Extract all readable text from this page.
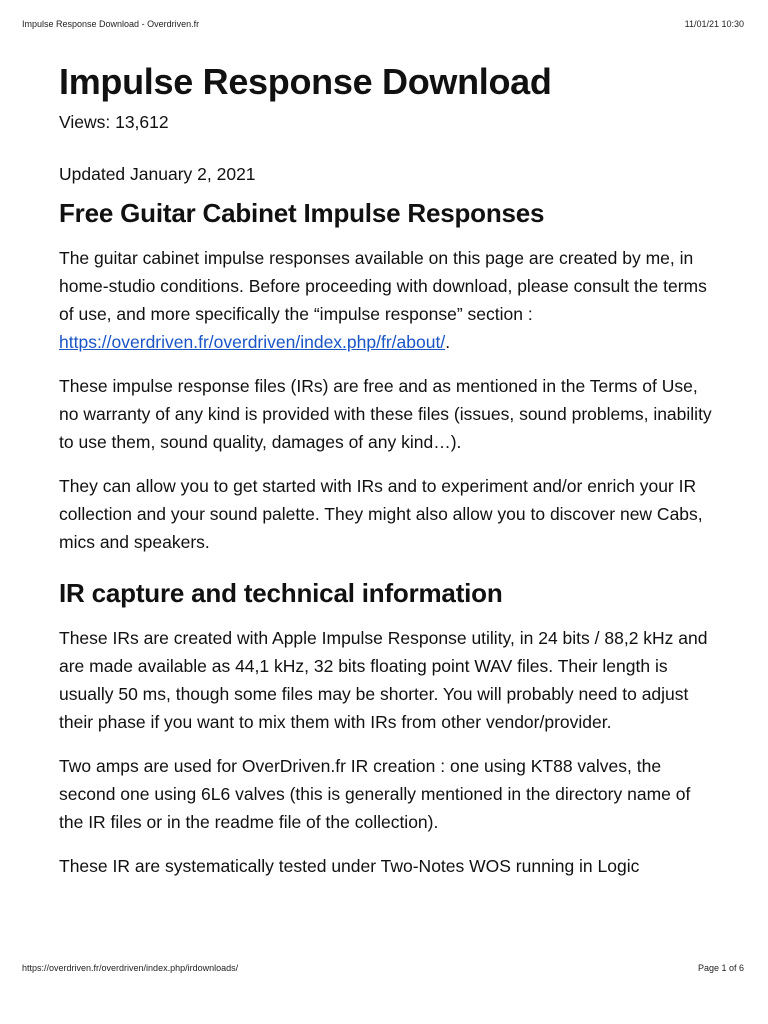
Impulse Response Download - Overdriven.fr	11/01/21 10:30
Impulse Response Download
Views: 13,612
Updated January 2, 2021
Free Guitar Cabinet Impulse Responses

The guitar cabinet impulse responses available on this page are created by me, in home-studio conditions. Before proceeding with download, please consult the terms of use, and more specifically the “impulse response” section : https://overdriven.fr/overdriven/index.php/fr/about/.

These impulse response files (IRs) are free and as mentioned in the Terms of Use, no warranty of any kind is provided with these files (issues, sound problems, inability to use them, sound quality, damages of any kind…).

They can allow you to get started with IRs and to experiment and/or enrich your IR collection and your sound palette. They might also allow you to discover new Cabs, mics and speakers.

IR capture and technical information

These IRs are created with Apple Impulse Response utility, in 24 bits / 88,2 kHz and are made available as 44,1 kHz, 32 bits floating point WAV files. Their length is usually 50 ms, though some files may be shorter. You will probably need to adjust their phase if you want to mix them with IRs from other vendor/provider.

Two amps are used for OverDriven.fr IR creation : one using KT88 valves, the second one using 6L6 valves (this is generally mentioned in the directory name of the IR files or in the readme file of the collection).

These IR are systematically tested under Two-Notes WOS running in Logic

https://overdriven.fr/overdriven/index.php/irdownloads/	Page 1 of 6
